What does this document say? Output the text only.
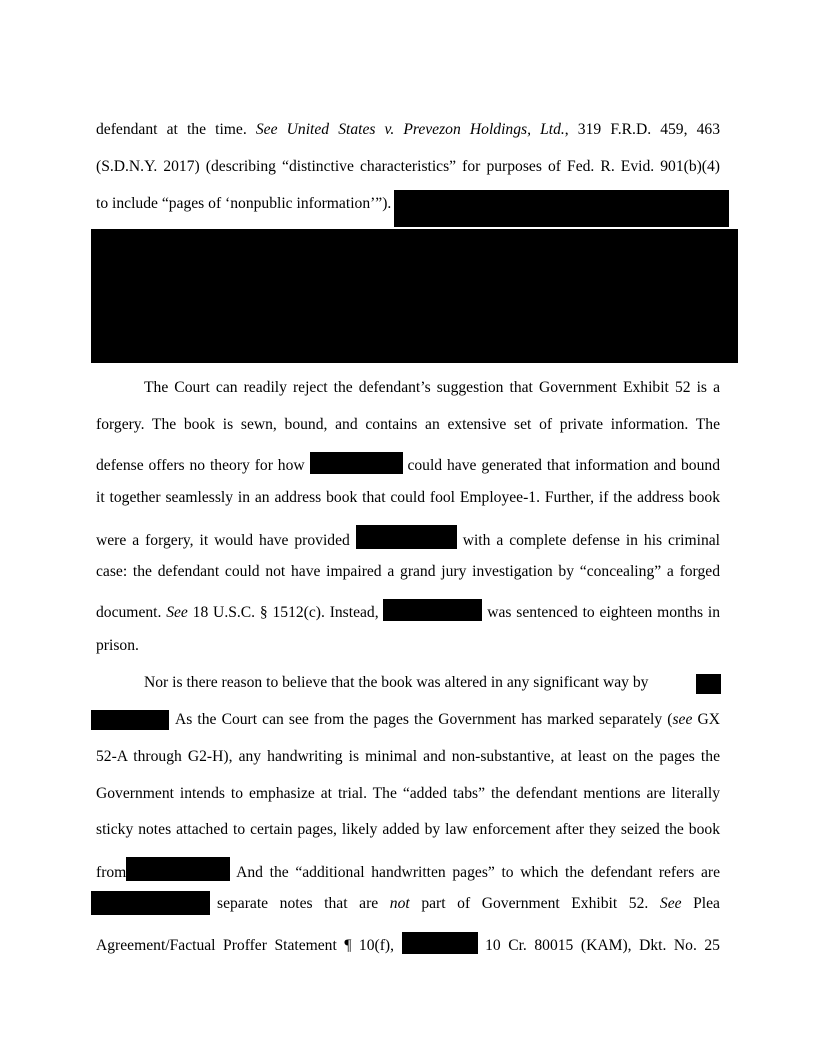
defendant at the time. See United States v. Prevezon Holdings, Ltd., 319 F.R.D. 459, 463
(S.D.N.Y. 2017) (describing “distinctive characteristics” for purposes of Fed. R. Evid. 901(b)(4)
to include “pages of ‘nonpublic information’”).
The Court can readily reject the defendant’s suggestion that Government Exhibit 52 is a
forgery. The book is sewn, bound, and contains an extensive set of private information. The
defense offers no theory for how	could have generated that information and bound
it together seamlessly in an address book that could fool Employee-1. Further, if the address book
were a forgery, it would have provided	with a complete defense in his criminal
case: the defendant could not have impaired a grand jury investigation by “concealing” a forged
document. See 18 U.S.C. § 1512(c). Instead,	was sentenced to eighteen months in
prison.
Nor is there reason to believe that the book was altered in any significant way by
As the Court can see from the pages the Government has marked separately (see GX
52-A through G2-H), any handwriting is minimal and non-substantive, at least on the pages the
Government intends to emphasize at trial. The “added tabs” the defendant mentions are literally
sticky notes attached to certain pages, likely added by law enforcement after they seized the book
from	And the “additional handwritten pages” to which the defendant refers are
separate notes that are not part of Government Exhibit 52. See Plea
Agreement/Factual Proffer Statement ¶ 10(f),	10 Cr. 80015 (KAM), Dkt. No. 25
